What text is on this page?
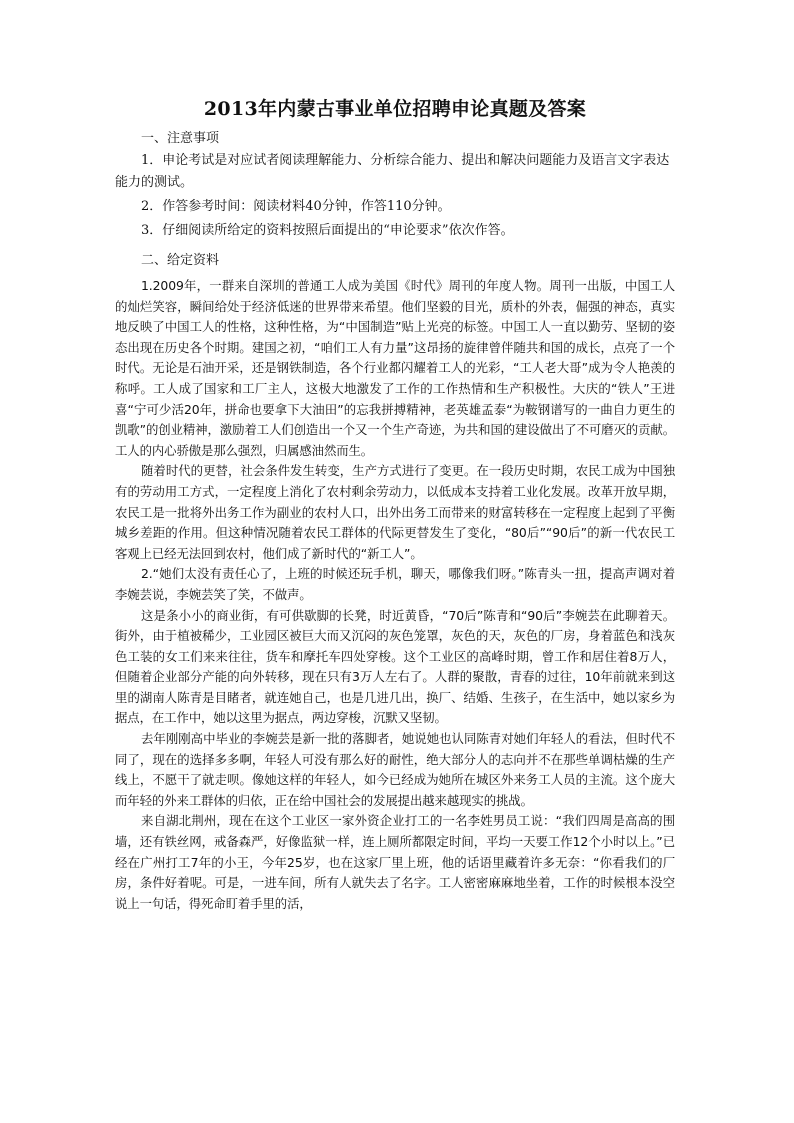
2013年内蒙古事业单位招聘申论真题及答案

一、注意事项

1．申论考试是对应试者阅读理解能力、分析综合能力、提出和解决问题能力及语言文字表达能力的测试。

2．作答参考时间：阅读材料40分钟，作答110分钟。

3．仔细阅读所给定的资料按照后面提出的“申论要求”依次作答。

二、给定资料

1.2009年，一群来自深圳的普通工人成为美国《时代》周刊的年度人物。周刊一出版，中国工人的灿烂笑容，瞬间给处于经济低迷的世界带来希望。他们坚毅的目光，质朴的外表，倔强的神态，真实地反映了中国工人的性格，这种性格，为“中国制造”贴上光亮的标签。中国工人一直以勤劳、坚韧的姿态出现在历史各个时期。建国之初，“咱们工人有力量”这昂扬的旋律曾伴随共和国的成长，点亮了一个时代。无论是石油开采，还是钢铁制造，各个行业都闪耀着工人的光彩，“工人老大哥”成为令人艳羡的称呼。工人成了国家和工厂主人，这极大地激发了工作的工作热情和生产积极性。大庆的“铁人”王进喜“宁可少活20年，拼命也要拿下大油田”的忘我拼搏精神，老英雄孟泰“为鞍钢谱写的一曲自力更生的凯歌”的创业精神，激励着工人们创造出一个又一个生产奇迹，为共和国的建设做出了不可磨灭的贡献。工人的内心骄傲是那么强烈，归属感油然而生。

随着时代的更替，社会条件发生转变，生产方式进行了变更。在一段历史时期，农民工成为中国独有的劳动用工方式，一定程度上消化了农村剩余劳动力，以低成本支持着工业化发展。改革开放早期，农民工是一批将外出务工作为副业的农村人口，出外出务工而带来的财富转移在一定程度上起到了平衡城乡差距的作用。但这种情况随着农民工群体的代际更替发生了变化，“80后”“90后”的新一代农民工客观上已经无法回到农村，他们成了新时代的“新工人”。

2.“她们太没有责任心了，上班的时候还玩手机，聊天，哪像我们呀。”陈青头一扭，提高声调对着李婉芸说，李婉芸笑了笑，不做声。

这是条小小的商业街，有可供歇脚的长凳，时近黄昏，“70后”陈青和“90后”李婉芸在此聊着天。街外，由于植被稀少，工业园区被巨大而又沉闷的灰色笼罩，灰色的天，灰色的厂房，身着蓝色和浅灰色工装的女工们来来往往，货车和摩托车四处穿梭。这个工业区的高峰时期，曾工作和居住着8万人，但随着企业部分产能的向外转移，现在只有3万人左右了。人群的聚散，青春的过往，10年前就来到这里的湖南人陈青是目睹者，就连她自己，也是几进几出，换厂、结婚、生孩子，在生活中，她以家乡为据点，在工作中，她以这里为据点，两边穿梭，沉默又坚韧。

去年刚刚高中毕业的李婉芸是新一批的落脚者，她说她也认同陈青对她们年轻人的看法，但时代不同了，现在的选择多多啊，年轻人可没有那么好的耐性，绝大部分人的志向并不在那些单调枯燥的生产线上，不愿干了就走呗。像她这样的年轻人，如今已经成为她所在城区外来务工人员的主流。这个庞大而年轻的外来工群体的归依，正在给中国社会的发展提出越来越现实的挑战。

来自湖北荆州，现在在这个工业区一家外资企业打工的一名李姓男员工说：“我们四周是高高的围墙，还有铁丝网，戒备森严，好像监狱一样，连上厕所都限定时间，平均一天要工作12个小时以上。”已经在广州打工7年的小王，今年25岁，也在这家厂里上班，他的话语里藏着许多无奈：“你看我们的厂房，条件好着呢。可是，一进车间，所有人就失去了名字。工人密密麻麻地坐着，工作的时候根本没空说上一句话，得死命盯着手里的活，
